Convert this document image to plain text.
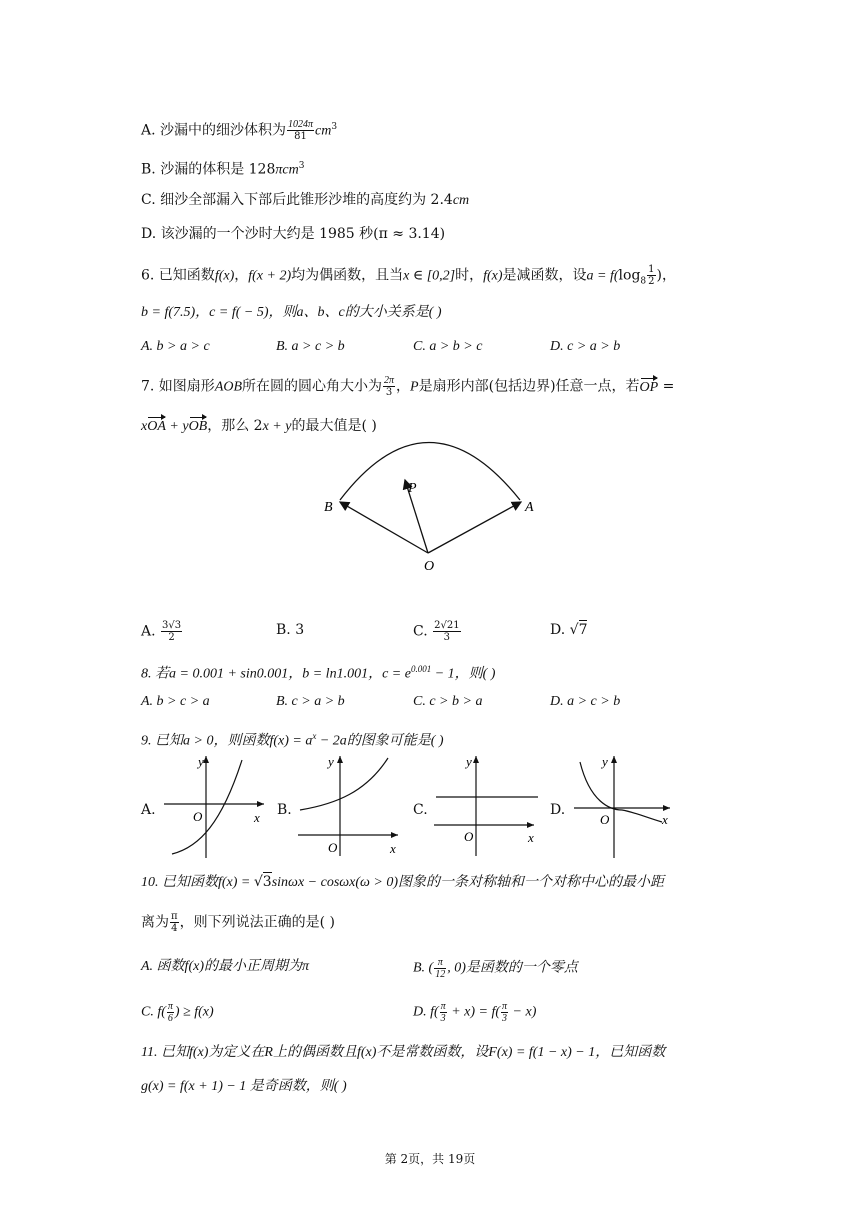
A. 沙漏中的细沙体积为 $\frac{1024\pi}{81} cm^3$
B. 沙漏的体积是 128πcm$^3$
C. 细沙全部漏入下部后此锥形沙堆的高度约为 2.4cm
D. 该沙漏的一个沙时大约是 1985 秒(π ≈ 3.14)
6. 已知函数f(x)，f(x + 2)均为偶函数，且当x ∈ [0,2]时，f(x)是减函数，设$a = f(\log_8 \frac{1}{2}$ )，
b = f(7.5)，c = f( − 5)，则a、b、c的大小关系是( )
A. b > a > c	B. a > c > b	C. a > b > c	D. c > a > b
7. 如图扇形AOB所在圆的圆心角大小为 $\frac{2\pi}{3}$ ，P是扇形内部(包括边界)任意一点，若OP =
xOA + yOB，那么 2x + y的最大值是( )
B
P
A
O
A. $\frac{3√3}{2}$	B. 3	C. $\frac{2√21}{3}$	D. √7
8. 若a = 0.001 + sin0.001，b = ln1.001，$c = e^{0.001} - 1$，则( )
A. b > c > a	B. c > a > b	C. c > b > a	D. a > c > b
9. 已知a > 0，则函数$f(x) = a^x - 2a$的图象可能是( )
A.
y
x
O	B.
y
x
O
C.
y
x
O
D.
y
x
O
10. 已知函数f(x) = √3sinωx − cosωx(ω > 0)图象的一条对称轴和一个对称中心的最小距
离为 $\frac{\pi}{4}$ ，则下列说法正确的是( )
A. 函数f(x)的最小正周期为π	B. ( $\frac{\pi}{12}$ , 0)是函数的一个零点
C. $f( \frac{\pi}{6}$ ) ≥ f(x)	D. $f( \frac{\pi}{3} + x) = f( \frac{\pi}{3} - x)$
11. 已知f(x)为定义在R上的偶函数且f(x)不是常数函数，设F(x) = f(1 − x) − 1，已知函数
g(x) = f(x + 1) − 1 是奇函数，则( )
第 2页，共 19页
